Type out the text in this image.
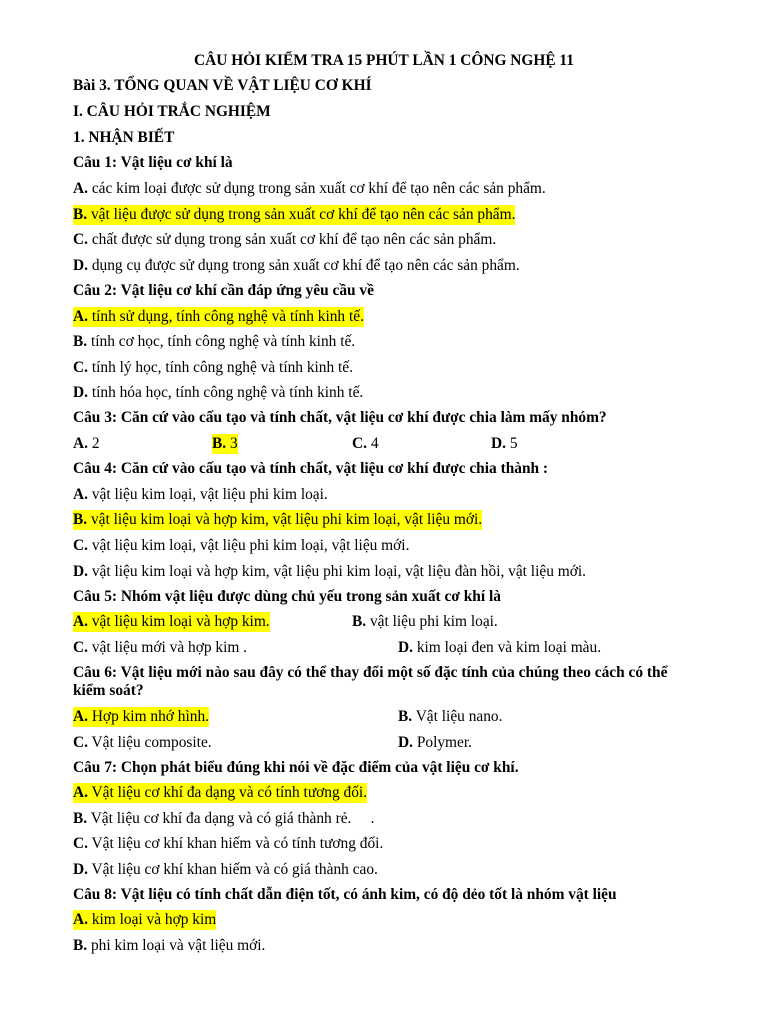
CÂU HỎI KIỂM TRA 15 PHÚT LẦN 1 CÔNG NGHỆ 11
Bài 3. TỔNG QUAN VỀ VẬT LIỆU CƠ KHÍ
I. CÂU HỎI TRẮC NGHIỆM
1. NHẬN BIẾT
Câu 1: Vật liệu cơ khí là
A. các kim loại được sử dụng trong sản xuất cơ khí để tạo nên các sản phẩm.
B. vật liệu được sử dụng trong sản xuất cơ khí để tạo nên các sản phẩm.
C. chất được sử dụng trong sản xuất cơ khí để tạo nên các sản phẩm.
D. dụng cụ được sử dụng trong sản xuất cơ khí để tạo nên các sản phẩm.
Câu 2: Vật liệu cơ khí cần đáp ứng yêu cầu về
A. tính sử dụng, tính công nghệ và tính kinh tế.
B. tính cơ học, tính công nghệ và tính kinh tế.
C. tính lý học, tính công nghệ và tính kinh tế.
D. tính hóa học, tính công nghệ và tính kinh tế.
Câu 3: Căn cứ vào cấu tạo và tính chất, vật liệu cơ khí được chia làm mấy nhóm?
A. 2	B. 3	C. 4	D. 5
Câu 4: Căn cứ vào cấu tạo và tính chất, vật liệu cơ khí được chia thành :
A. vật liệu kim loại, vật liệu phi kim loại.
B. vật liệu kim loại và hợp kim, vật liệu phi kim loại, vật liệu mới.
C. vật liệu kim loại, vật liệu phi kim loại, vật liệu mới.
D. vật liệu kim loại và hợp kim, vật liệu phi kim loại, vật liệu đàn hồi, vật liệu mới.
Câu 5: Nhóm vật liệu được dùng chủ yếu trong sản xuất cơ khí là
A. vật liệu kim loại và hợp kim.	B. vật liệu phi kim loại.
C. vật liệu mới và hợp kim .	D. kim loại đen và kim loại màu.
Câu 6: Vật liệu mới nào sau đây có thể thay đổi một số đặc tính của chúng theo cách có thể kiểm soát?
A. Hợp kim nhớ hình.	B. Vật liệu nano.
C. Vật liệu composite.	D. Polymer.
Câu 7: Chọn phát biểu đúng khi nói về đặc điểm của vật liệu cơ khí.
A. Vật liệu cơ khí đa dạng và có tính tương đối.
B. Vật liệu cơ khí đa dạng và có giá thành rẻ.     .
C. Vật liệu cơ khí khan hiếm và có tính tương đối.
D. Vật liệu cơ khí khan hiếm và có giá thành cao.
Câu 8: Vật liệu có tính chất dẫn điện tốt, có ánh kim, có độ dẻo tốt là nhóm vật liệu
A. kim loại và hợp kim
B. phi kim loại và vật liệu mới.
